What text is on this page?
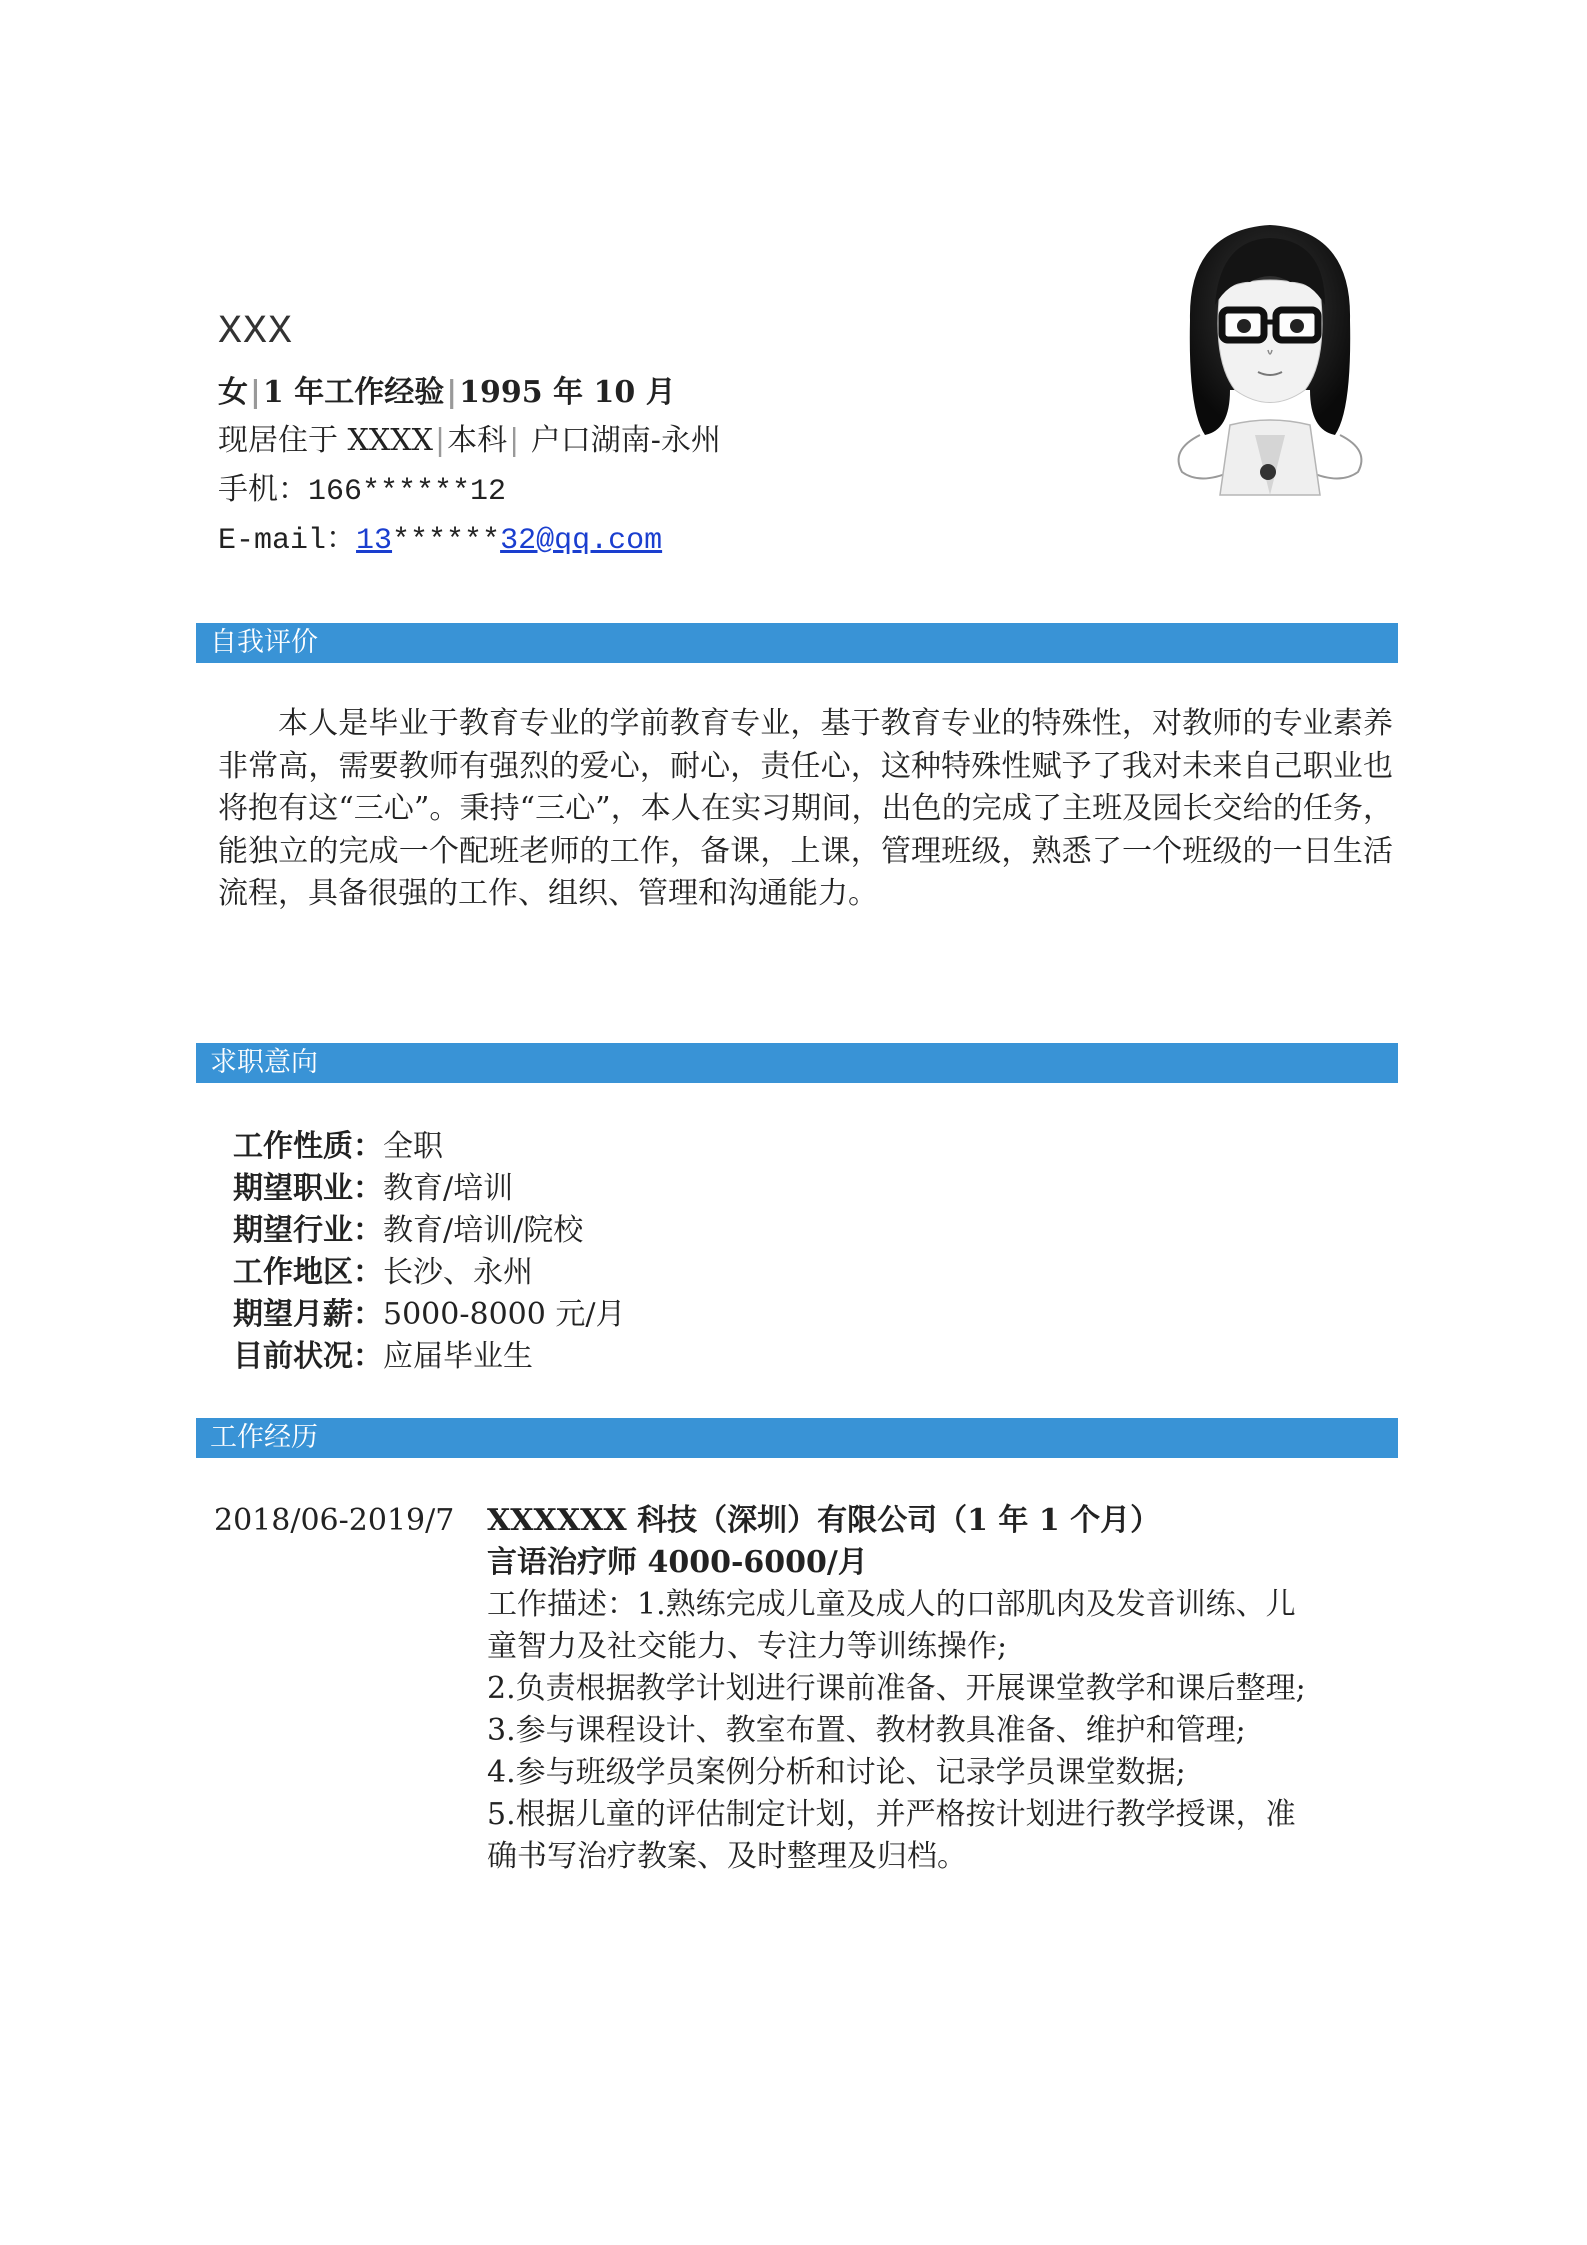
XXX
女|1 年工作经验|1995 年 10 月
现居住于 XXXX|本科| 户口湖南-永州
手机：166******12
E-mail：13******32@qq.com
自我评价
本人是毕业于教育专业的学前教育专业，基于教育专业的特殊性，对教师的专业素养非常高，需要教师有强烈的爱心，耐心，责任心，这种特殊性赋予了我对未来自己职业也将抱有这“三心”。秉持“三心”，本人在实习期间，出色的完成了主班及园长交给的任务，能独立的完成一个配班老师的工作，备课，上课，管理班级，熟悉了一个班级的一日生活流程，具备很强的工作、组织、管理和沟通能力。
求职意向
工作性质：全职
期望职业：教育/培训
期望行业：教育/培训/院校
工作地区：长沙、永州
期望月薪：5000-8000 元/月
目前状况：应届毕业生
工作经历
2018/06-2019/7 XXXXXX 科技（深圳）有限公司（1 年 1 个月）
言语治疗师 4000-6000/月
工作描述：1.熟练完成儿童及成人的口部肌肉及发音训练、儿童智力及社交能力、专注力等训练操作;
2.负责根据教学计划进行课前准备、开展课堂教学和课后整理;
3.参与课程设计、教室布置、教材教具准备、维护和管理;
4.参与班级学员案例分析和讨论、记录学员课堂数据;
5.根据儿童的评估制定计划，并严格按计划进行教学授课，准确书写治疗教案、及时整理及归档。
